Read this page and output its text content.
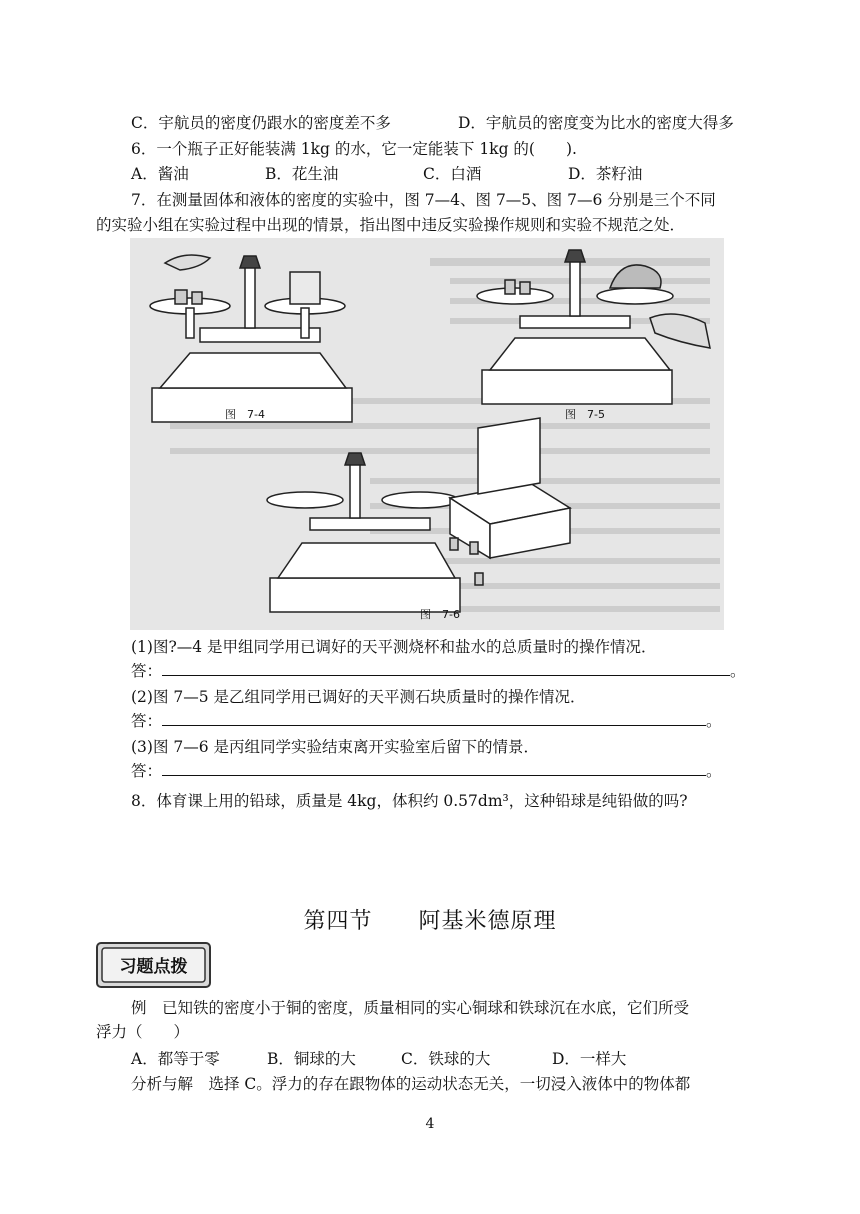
C．宇航员的密度仍跟水的密度差不多	D．宇航员的密度变为比水的密度大得多
6．一个瓶子正好能装满 1kg 的水，它一定能装下 1kg 的(　　).
A．酱油	B．花生油	C．白酒	D．茶籽油
7．在测量固体和液体的密度的实验中，图 7—4、图 7—5、图 7—6 分别是三个不同
的实验小组在实验过程中出现的情景，指出图中违反实验操作规则和实验不规范之处．
图　7-4	图　7-5
图　7-6
(1)图?—4 是甲组同学用已调好的天平测烧杯和盐水的总质量时的操作情况．
答：	。
(2)图 7—5 是乙组同学用已调好的天平测石块质量时的操作情况．
答：	。
(3)图 7—6 是丙组同学实验结束离开实验室后留下的情景．
答：	。
8．体育课上用的铅球，质量是 4kg，体积约 0.57dm³，这种铅球是纯铅做的吗?
第四节　　阿基米德原理
习题点拨
例　已知铁的密度小于铜的密度，质量相同的实心铜球和铁球沉在水底，它们所受
浮力（　　）
A．都等于零	B．铜球的大	C．铁球的大	D．一样大
分析与解　选择 C。浮力的存在跟物体的运动状态无关，一切浸入液体中的物体都
4
